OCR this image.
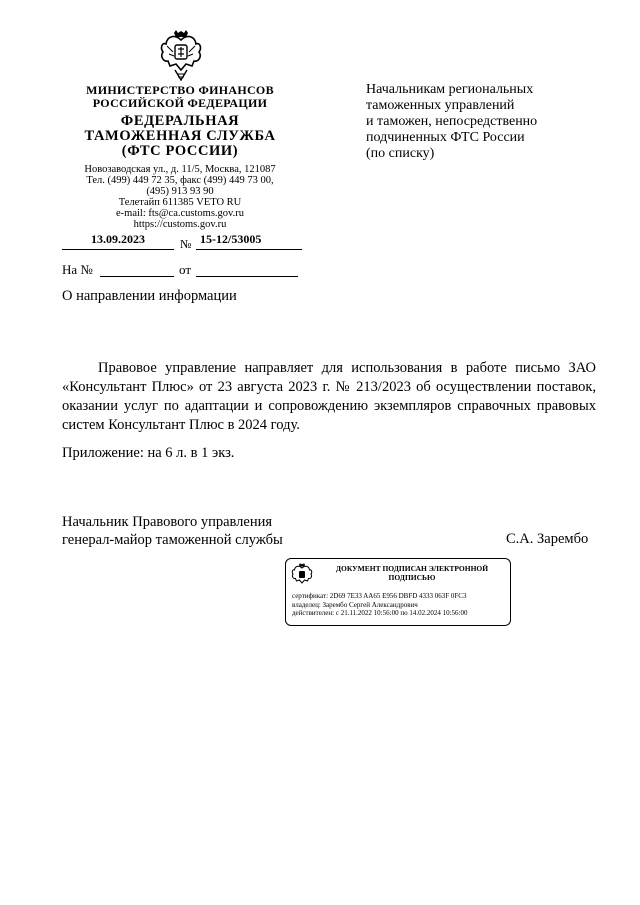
МИНИСТЕРСТВО ФИНАНСОВ
РОССИЙСКОЙ ФЕДЕРАЦИИ
ФЕДЕРАЛЬНАЯ
ТАМОЖЕННАЯ СЛУЖБА
(ФТС РОССИИ)
Новозаводская ул., д. 11/5, Москва, 121087
Тел. (499) 449 72 35, факс (499) 449 73 00,
(495) 913 93 90
Телетайп 611385 VETO RU
e-mail: fts@ca.customs.gov.ru
https://customs.gov.ru
13.09.2023	№ 15-12/53005
На №	от
Начальникам региональных
таможенных управлений
и таможен, непосредственно
подчиненных ФТС России
(по списку)
О направлении информации
Правовое управление направляет для использования в работе письмо ЗАО «Консультант Плюс» от 23 августа 2023 г. № 213/2023 об осуществлении поставок, оказании услуг по адаптации и сопровождению экземпляров справочных правовых систем Консультант Плюс в 2024 году.
Приложение: на 6 л. в 1 экз.
Начальник Правового управления
генерал-майор таможенной службы	С.А. Зарембо
ДОКУМЕНТ ПОДПИСАН ЭЛЕКТРОННОЙ
ПОДПИСЬЮ
сертификат: 2D69 7E33 AA65 E956 DBFD 4333 063F 0FC3
владелец: Зарембо Сергей Александрович
действителен: с 21.11.2022 10:56:00 по 14.02.2024 10:56:00
